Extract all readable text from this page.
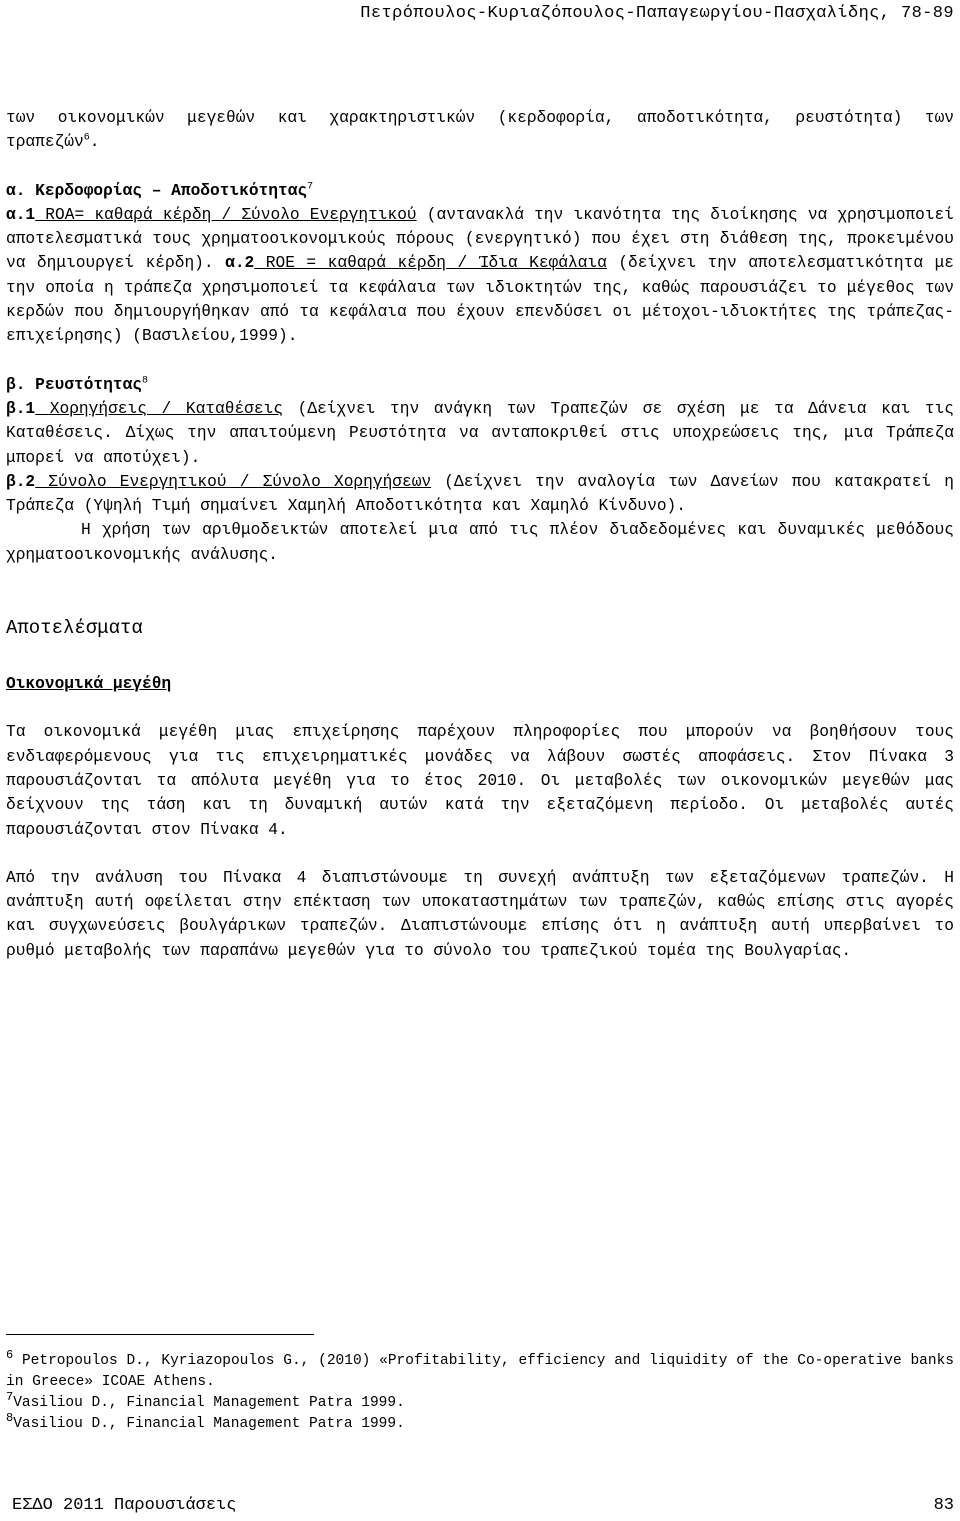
Πετρόπουλος-Κυριαζόπουλος-Παπαγεωργίου-Πασχαλίδης, 78-89

των οικονομικών μεγεθών και χαρακτηριστικών (κερδοφορία, αποδοτικότητα, ρευστότητα) των τραπεζών$^6$.

α. Κερδοφορίας – Αποδοτικότητας$^7$

α.1 ROA= καθαρά κέρδη / Σύνολο Ενεργητικού (αντανακλά την ικανότητα της διοίκησης να χρησιμοποιεί αποτελεσματικά τους χρηματοοικονομικούς πόρους (ενεργητικό) που έχει στη διάθεση της, προκειμένου να δημιουργεί κέρδη). α.2 ROE = καθαρά κέρδη / Ίδια Κεφάλαια (δείχνει την αποτελεσματικότητα με την οποία η τράπεζα χρησιμοποιεί τα κεφάλαια των ιδιοκτητών της, καθώς παρουσιάζει το μέγεθος των κερδών που δημιουργήθηκαν από τα κεφάλαια που έχουν επενδύσει οι μέτοχοι-ιδιοκτήτες της τράπεζας-επιχείρησης) (Βασιλείου,1999).

β. Ρευστότητας$^8$

β.1 Χορηγήσεις / Καταθέσεις (Δείχνει την ανάγκη των Τραπεζών σε σχέση με τα Δάνεια και τις Καταθέσεις. Δίχως την απαιτούμενη Ρευστότητα να ανταποκριθεί στις υποχρεώσεις της, μια Τράπεζα μπορεί να αποτύχει).

β.2 Σύνολο Ενεργητικού / Σύνολο Χορηγήσεων (Δείχνει την αναλογία των Δανείων που κατακρατεί η Τράπεζα (Υψηλή Τιμή σημαίνει Χαμηλή Αποδοτικότητα και Χαμηλό Κίνδυνο).

Η χρήση των αριθμοδεικτών αποτελεί μια από τις πλέον διαδεδομένες και δυναμικές μεθόδους χρηματοοικονομικής ανάλυσης.

Αποτελέσματα

Οικονομικά μεγέθη

Τα οικονομικά μεγέθη μιας επιχείρησης παρέχουν πληροφορίες που μπορούν να βοηθήσουν τους ενδιαφερόμενους για τις επιχειρηματικές μονάδες να λάβουν σωστές αποφάσεις. Στον Πίνακα 3 παρουσιάζονται τα απόλυτα μεγέθη για το έτος 2010. Οι μεταβολές των οικονομικών μεγεθών μας δείχνουν της τάση και τη δυναμική αυτών κατά την εξεταζόμενη περίοδο. Οι μεταβολές αυτές παρουσιάζονται στον Πίνακα 4.

Από την ανάλυση του Πίνακα 4 διαπιστώνουμε τη συνεχή ανάπτυξη των εξεταζόμενων τραπεζών. Η ανάπτυξη αυτή οφείλεται στην επέκταση των υποκαταστημάτων των τραπεζών, καθώς επίσης στις αγορές και συγχωνεύσεις βουλγάρικων τραπεζών. Διαπιστώνουμε επίσης ότι η ανάπτυξη αυτή υπερβαίνει το ρυθμό μεταβολής των παραπάνω μεγεθών για το σύνολο του τραπεζικού τομέα της Βουλγαρίας.

$^6$ Petropoulos D., Kyriazopoulos G., (2010) «Profitability, efficiency and liquidity of the Co-operative banks in Greece» ICOAE Athens.

$^7$Vasiliou D., Financial Management Patra 1999.

$^8$Vasiliou D., Financial Management Patra 1999.

ΕΣΔΟ 2011 Παρουσιάσεις	83
